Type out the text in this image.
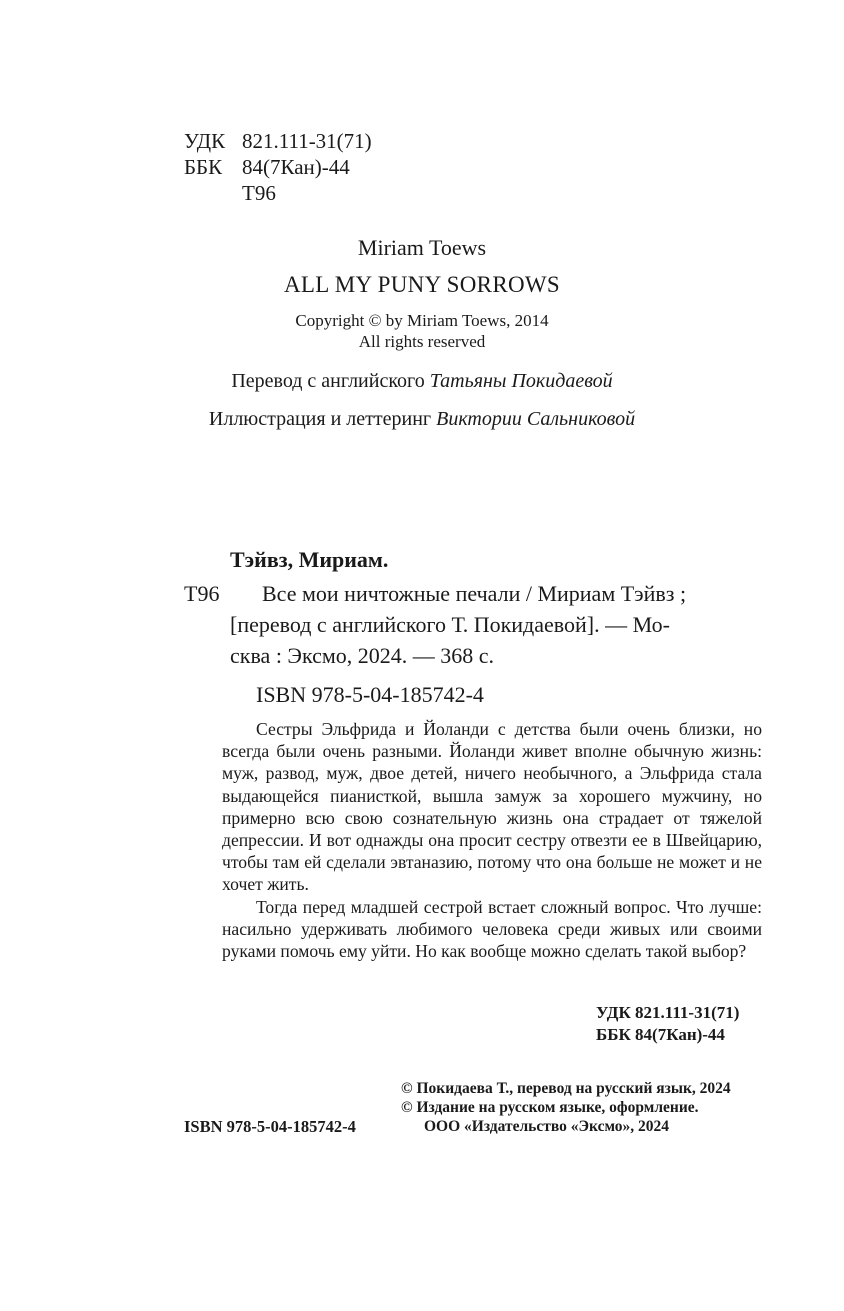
УДК 821.111-31(71)
ББК 84(7Кан)-44
Т96
Miriam Toews
ALL MY PUNY SORROWS
Copyright © by Miriam Toews, 2014
All rights reserved
Перевод с английского Татьяны Покидаевой
Иллюстрация и леттеринг Виктории Сальниковой
Тэйвз, Мириам.
Т96 Все мои ничтожные печали / Мириам Тэйвз ;
[перевод с английского Т. Покидаевой]. — Мо-
сква : Эксмо, 2024. — 368 с.
ISBN 978-5-04-185742-4

Сестры Эльфрида и Йоланди с детства были очень близки, но всегда были очень разными. Йоланди живет вполне обычную жизнь: муж, развод, муж, двое детей, ничего необычного, а Эльфрида стала выдающейся пианисткой, вышла замуж за хорошего мужчину, но примерно всю свою сознательную жизнь она страдает от тяжелой депрессии. И вот однажды она просит сестру отвезти ее в Швейцарию, чтобы там ей сделали эвтаназию, потому что она больше не может и не хочет жить.

Тогда перед младшей сестрой встает сложный вопрос. Что лучше: насильно удерживать любимого человека среди живых или своими руками помочь ему уйти. Но как вообще можно сделать такой выбор?

УДК 821.111-31(71)
ББК 84(7Кан)-44
© Покидаева Т., перевод на русский язык, 2024
© Издание на русском языке, оформление.
ISBN 978-5-04-185742-4	ООО «Издательство «Эксмо», 2024
